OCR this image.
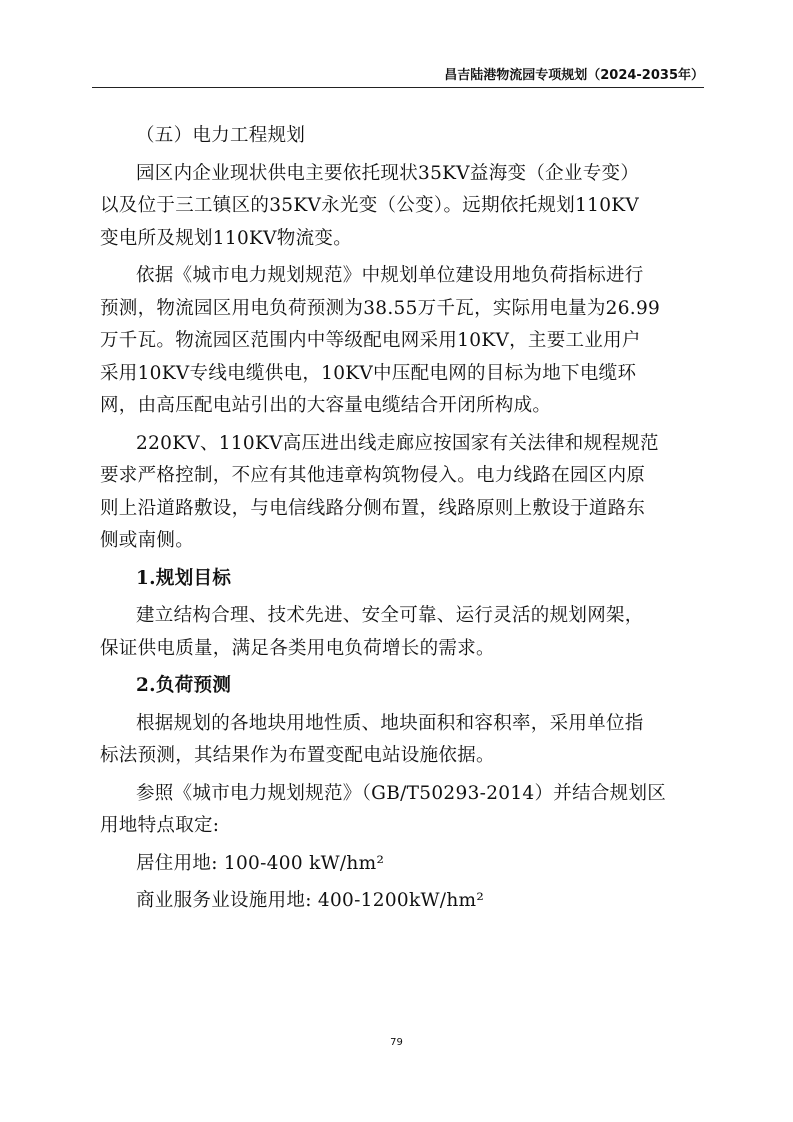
昌吉陆港物流园专项规划（2024-2035年）
（五）电力工程规划
园区内企业现状供电主要依托现状35KV益海变（企业专变）
以及位于三工镇区的35KV永光变（公变）。远期依托规划110KV
变电所及规划110KV物流变。
依据《城市电力规划规范》中规划单位建设用地负荷指标进行
预测，物流园区用电负荷预测为38.55万千瓦，实际用电量为26.99
万千瓦。物流园区范围内中等级配电网采用10KV，主要工业用户
采用10KV专线电缆供电，10KV中压配电网的目标为地下电缆环
网，由高压配电站引出的大容量电缆结合开闭所构成。
220KV、110KV高压进出线走廊应按国家有关法律和规程规范
要求严格控制，不应有其他违章构筑物侵入。电力线路在园区内原
则上沿道路敷设，与电信线路分侧布置，线路原则上敷设于道路东
侧或南侧。
1.规划目标
建立结构合理、技术先进、安全可靠、运行灵活的规划网架，
保证供电质量，满足各类用电负荷增长的需求。
2.负荷预测
根据规划的各地块用地性质、地块面积和容积率，采用单位指
标法预测，其结果作为布置变配电站设施依据。
参照《城市电力规划规范》（GB/T50293-2014）并结合规划区
用地特点取定:
居住用地: 100-400 kW/hm²
商业服务业设施用地: 400-1200kW/hm²
79
